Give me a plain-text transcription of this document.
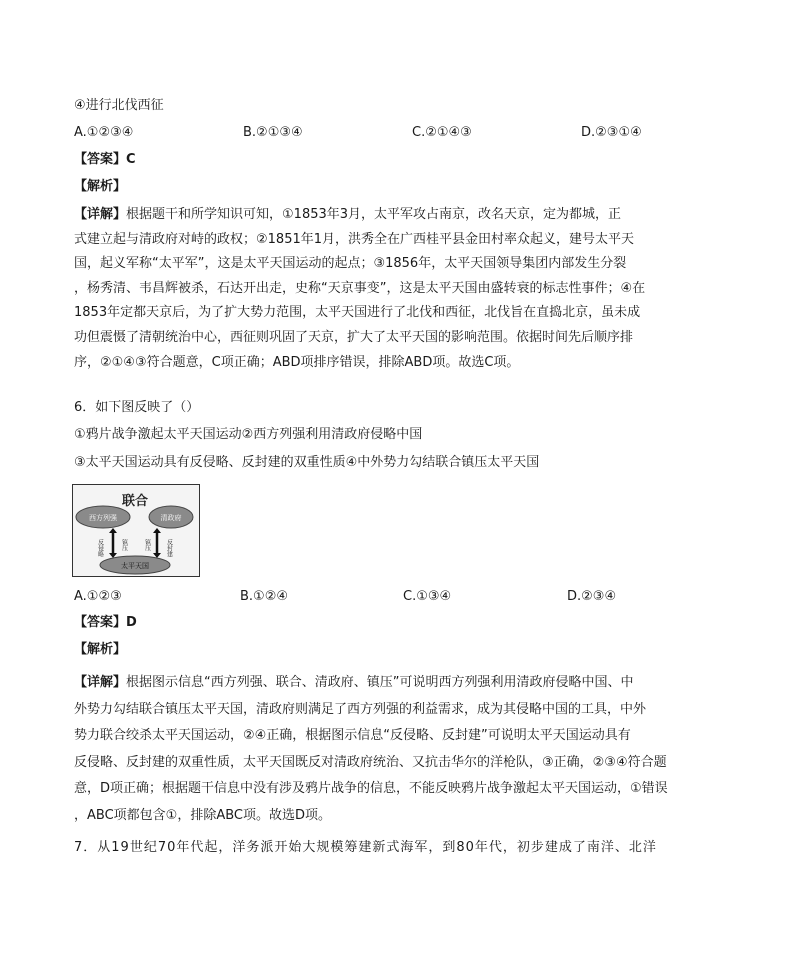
④进行北伐西征
A.①②③④	B.②①③④	C.②①④③	D.②③①④
【答案】C
【解析】
【详解】根据题干和所学知识可知，①1853年3月，太平军攻占南京，改名天京，定为都城，正
式建立起与清政府对峙的政权；②1851年1月，洪秀全在广西桂平县金田村率众起义，建号太平天
国，起义军称“太平军”，这是太平天国运动的起点；③1856年，太平天国领导集团内部发生分裂
，杨秀清、韦昌辉被杀，石达开出走，史称“天京事变”，这是太平天国由盛转衰的标志性事件；④在
1853年定都天京后，为了扩大势力范围，太平天国进行了北伐和西征，北伐旨在直捣北京，虽未成
功但震慑了清朝统治中心，西征则巩固了天京，扩大了太平天国的影响范围。依据时间先后顺序排
序，②①④③符合题意，C项正确；ABD项排序错误，排除ABD项。故选C项。
6．如下图反映了（）
①鸦片战争激起太平天国运动②西方列强利用清政府侵略中国
③太平天国运动具有反侵略、反封建的双重性质④中外势力勾结联合镇压太平天国
联合
西方列强	清政府
反侵略	镇压	镇压	反封建
太平天国
A.①②③	B.①②④	C.①③④	D.②③④
【答案】D
【解析】
【详解】根据图示信息“西方列强、联合、清政府、镇压”可说明西方列强利用清政府侵略中国、中
外势力勾结联合镇压太平天国，清政府则满足了西方列强的利益需求，成为其侵略中国的工具，中外
势力联合绞杀太平天国运动，②④正确，根据图示信息“反侵略、反封建”可说明太平天国运动具有
反侵略、反封建的双重性质，太平天国既反对清政府统治、又抗击华尔的洋枪队，③正确，②③④符合题
意，D项正确；根据题干信息中没有涉及鸦片战争的信息，不能反映鸦片战争激起太平天国运动，①错误
，ABC项都包含①，排除ABC项。故选D项。
7．从19世纪70年代起，洋务派开始大规模筹建新式海军，到80年代，初步建成了南洋、北洋
